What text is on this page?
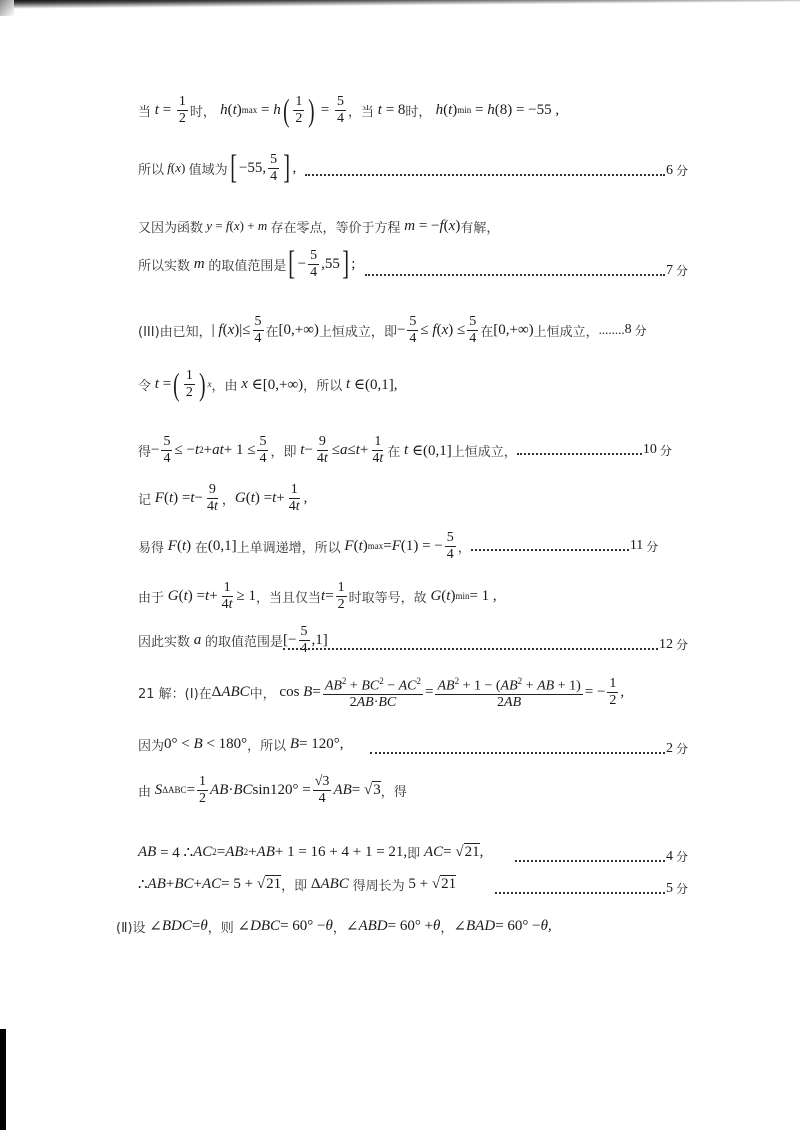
当 $t = \frac{1}{2}$ 时 ， h ( t ) max = h ( $\frac{1}{2}$ ) = $\frac{5}{4}$ ， 当 t = 8 时 ， h ( t ) min = h (8) = −55 ,
所以 f (x) 值域为 [ −55, $\frac{5}{4}$ ] ,	6 分
又因为函数 y = f(x) + m 存在零点，等价于方程 m = − f ( x ) 有解，
所以实数 m 的取值范围是 [ − $\frac{5}{4} ,55$ ] ;	7 分
(III)由已知， | f ( x )|≤ $\frac{5}{4}$ 在 [0,+∞) 上恒成立， 即 − $\frac{5}{4} \le f$ ( x ) ≤ $\frac{5}{4}$ 在 [0,+∞) 上恒成立， ........ 8 分
令 t = ( $\frac{1}{2}$ ) x ， 由 x ∈[0,+∞) ， 所以 t ∈(0,1],
得 − $\frac{5}{4}$ ≤ − t 2 + at + $1 \le \frac{5}{4}$ ， 即 $t - \frac{9}{4t} \le a \le t + \frac{1}{4t}$ 在 t ∈(0,1] 上恒成立，	10 分
记
F ( t ) = $t - \frac{9}{4t}$ ， G ( t ) = $t + \frac{1}{4t}$ ,
易得
F ( t ) 在 (0,1] 上单调递增，所以
F ( t ) max = F (1) = − $\frac{5}{4}$ ，	11 分
由于
G ( t ) = $t + \frac{1}{4t} \ge 1$ ，当且仅当 $t = \frac{1}{2}$ 时取等号，故
G ( t ) min = 1 ,
因此实数 a 的取值范围是 [− $\frac{5}{4} ,1$]	12 分
21 解：(Ⅰ)在 Δ ABC 中， $\cos B = \frac{AB^2 + BC^2 - AC^2}{2AB\cdot BC} = \frac{AB^2 + 1 - (AB^2 + AB + 1)}{2AB}$ = − $\frac{1}{2}$ ,
因为 0° < B < 180° ， 所以
B = 120°,	2 分
由
S $\Delta ABC = \frac{1}{2}$ AB · BC $\sin 120^\circ = \frac{√3}{4}$ AB = √ 3 ，得
AB = 4 ∴ AC 2 = AB 2 + AB + 1 = 16 + 4 + 1 = 21, 即
AC = √ 21 ,	4 分
∴ AB + BC + AC = 5 + √ 21 ， 即 Δ ABC
得周长为 5 + √ 21	5 分
(Ⅱ)设 ∠ BDC = θ ，则 ∠ DBC = 60° − θ ， ∠ ABD = 60° + θ ， ∠ BAD = 60° − θ ,
